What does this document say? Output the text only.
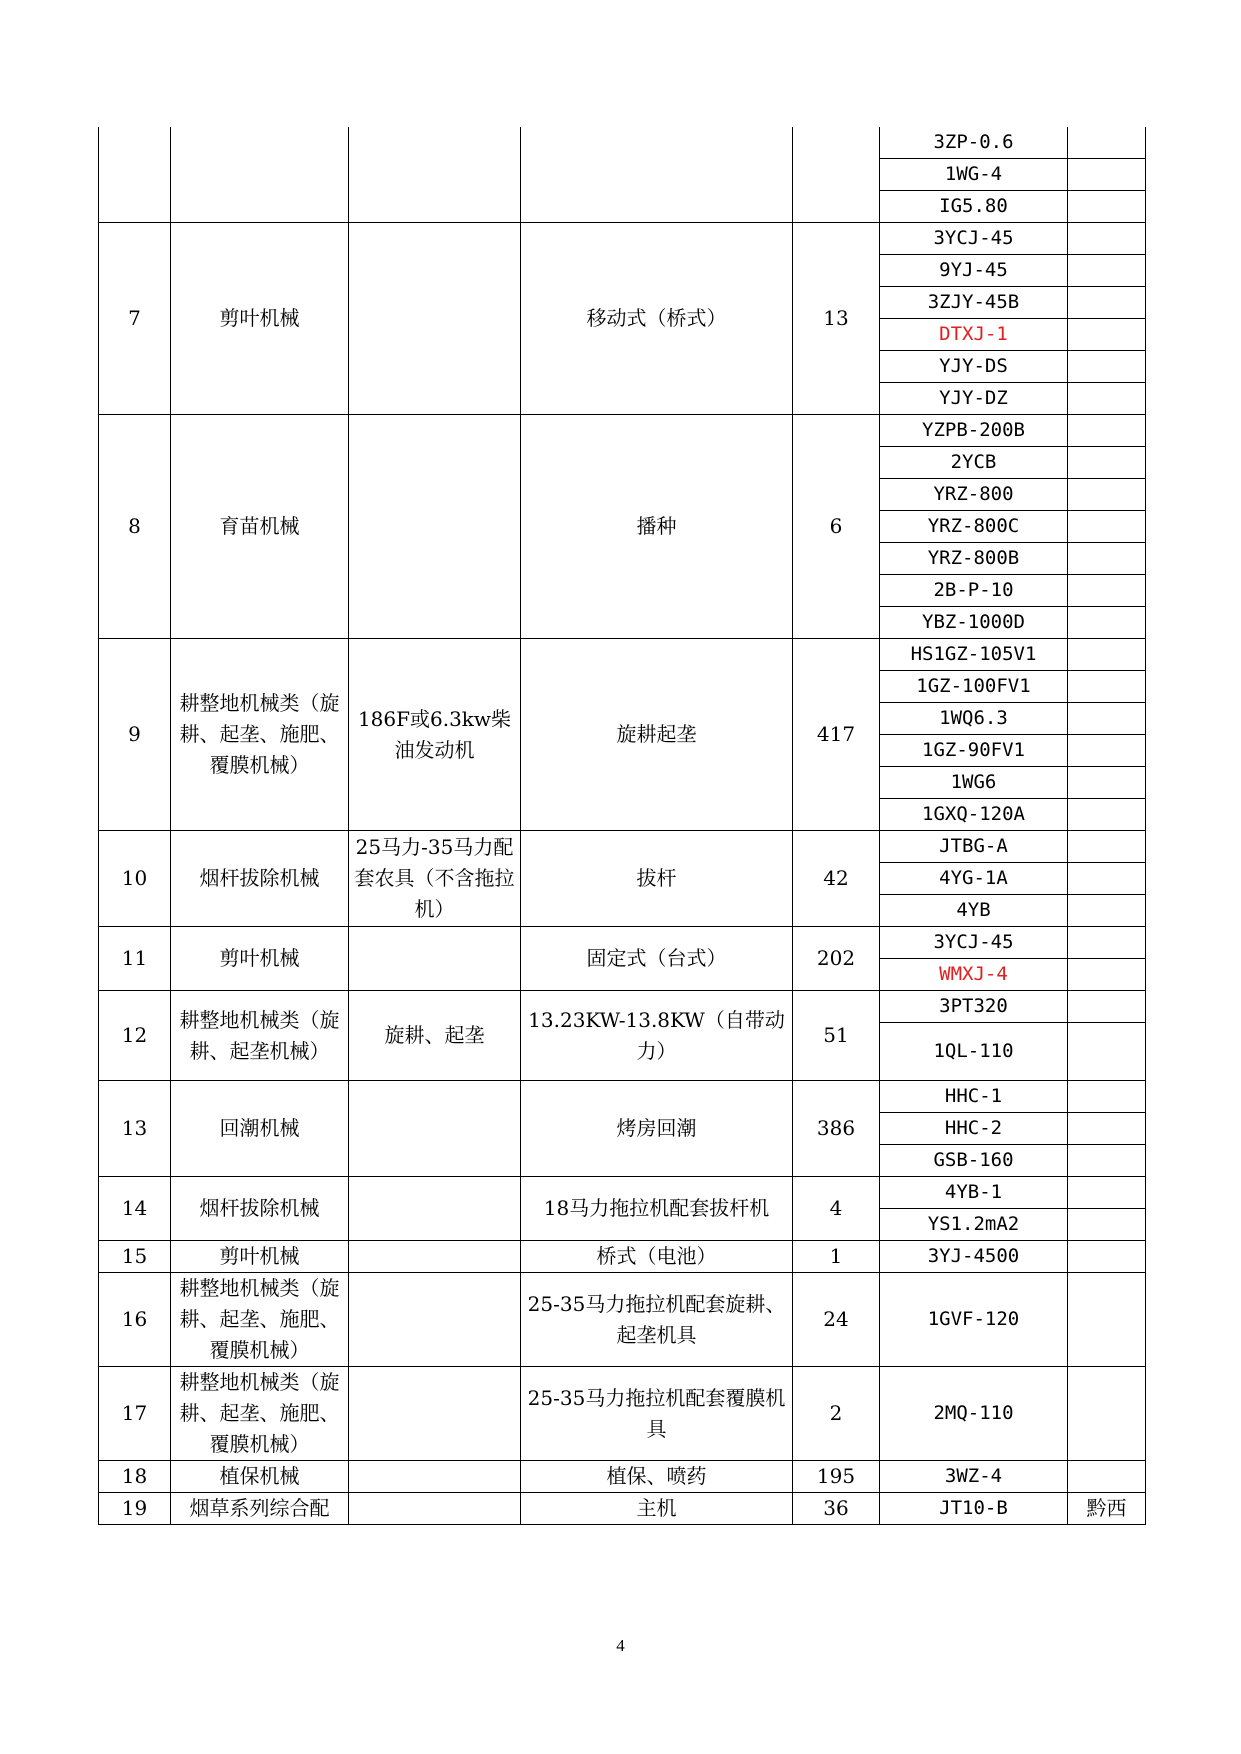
					3ZP-0.6	
					1WG-4	
					IG5.80	
7	剪叶机械		移动式（桥式）	13	3YCJ-45	
					9YJ-45	
					3ZJY-45B	
					DTXJ-1	
					YJY-DS	
					YJY-DZ	
8	育苗机械		播种	6	YZPB-200B	
					2YCB	
					YRZ-800	
					YRZ-800C	
					YRZ-800B	
					2B-P-10	
					YBZ-1000D	
9	耕整地机械类（旋耕、起垄、施肥、覆膜机械）	186F或6.3kw柴油发动机	旋耕起垄	417	HS1GZ-105V1	
					1GZ-100FV1	
					1WQ6.3	
					1GZ-90FV1	
					1WG6	
					1GXQ-120A	
10	烟杆拔除机械	25马力-35马力配套农具（不含拖拉机）	拔杆	42	JTBG-A	
					4YG-1A	
					4YB	
11	剪叶机械		固定式（台式）	202	3YCJ-45	
					WMXJ-4	
12	耕整地机械类（旋耕、起垄机械）	旋耕、起垄	13.23KW-13.8KW（自带动力）	51	3PT320	
					1QL-110	
13	回潮机械		烤房回潮	386	HHC-1	
					HHC-2	
					GSB-160	
14	烟杆拔除机械		18马力拖拉机配套拔杆机	4	4YB-1	
					YS1.2mA2	
15	剪叶机械		桥式（电池）	1	3YJ-4500	
16	耕整地机械类（旋耕、起垄、施肥、覆膜机械）		25-35马力拖拉机配套旋耕、起垄机具	24	1GVF-120	
17	耕整地机械类（旋耕、起垄、施肥、覆膜机械）		25-35马力拖拉机配套覆膜机具	2	2MQ-110	
18	植保机械		植保、喷药	195	3WZ-4	
19	烟草系列综合配		主机	36	JT10-B	黔西
4
